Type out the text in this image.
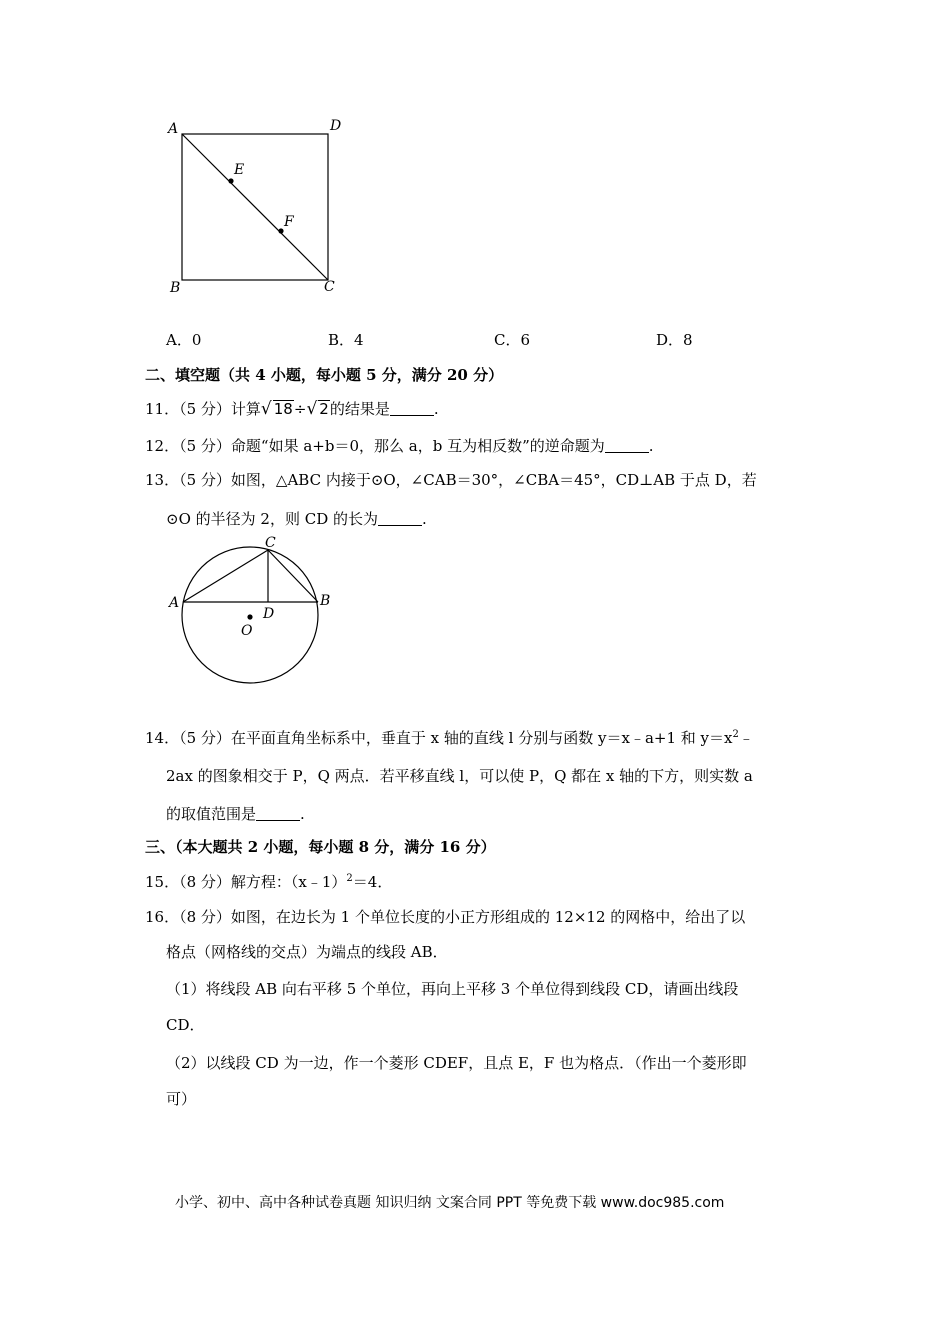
A	D
E
F
B	C
A．0	B．4	C．6	D．8
二、填空题（共 4 小题，每小题 5 分，满分 20 分）
11．（5 分）计算√ 18÷√ 2的结果是	.
12．（5 分）命题“如果 a+b＝0，那么 a，b 互为相反数”的逆命题为	.
13．（5 分）如图，△ABC 内接于⊙O，∠CAB＝30°，∠CBA＝45°，CD⊥AB 于点 D，若
⊙O 的半径为 2，则 CD 的长为	.
A	B
C
D
O
14．（5 分）在平面直角坐标系中，垂直于 x 轴的直线 l 分别与函数 y＝x﹣a+1 和 $y=x^2﹣$
2ax 的图象相交于 P，Q 两点．若平移直线 l，可以使 P，Q 都在 x 轴的下方，则实数 a
的取值范围是	.
三、（本大题共 2 小题，每小题 8 分，满分 16 分）
15．（8 分）解方程：（x﹣1）$^2$＝4．
16．（8 分）如图，在边长为 1 个单位长度的小正方形组成的 12×12 的网格中，给出了以
格点（网格线的交点）为端点的线段 AB．
（1）将线段 AB 向右平移 5 个单位，再向上平移 3 个单位得到线段 CD，请画出线段
CD．
（2）以线段 CD 为一边，作一个菱形 CDEF，且点 E，F 也为格点．（作出一个菱形即
可）
小学、初中、高中各种试卷真题 知识归纳 文案合同 PPT 等免费下载 www.doc985.com
